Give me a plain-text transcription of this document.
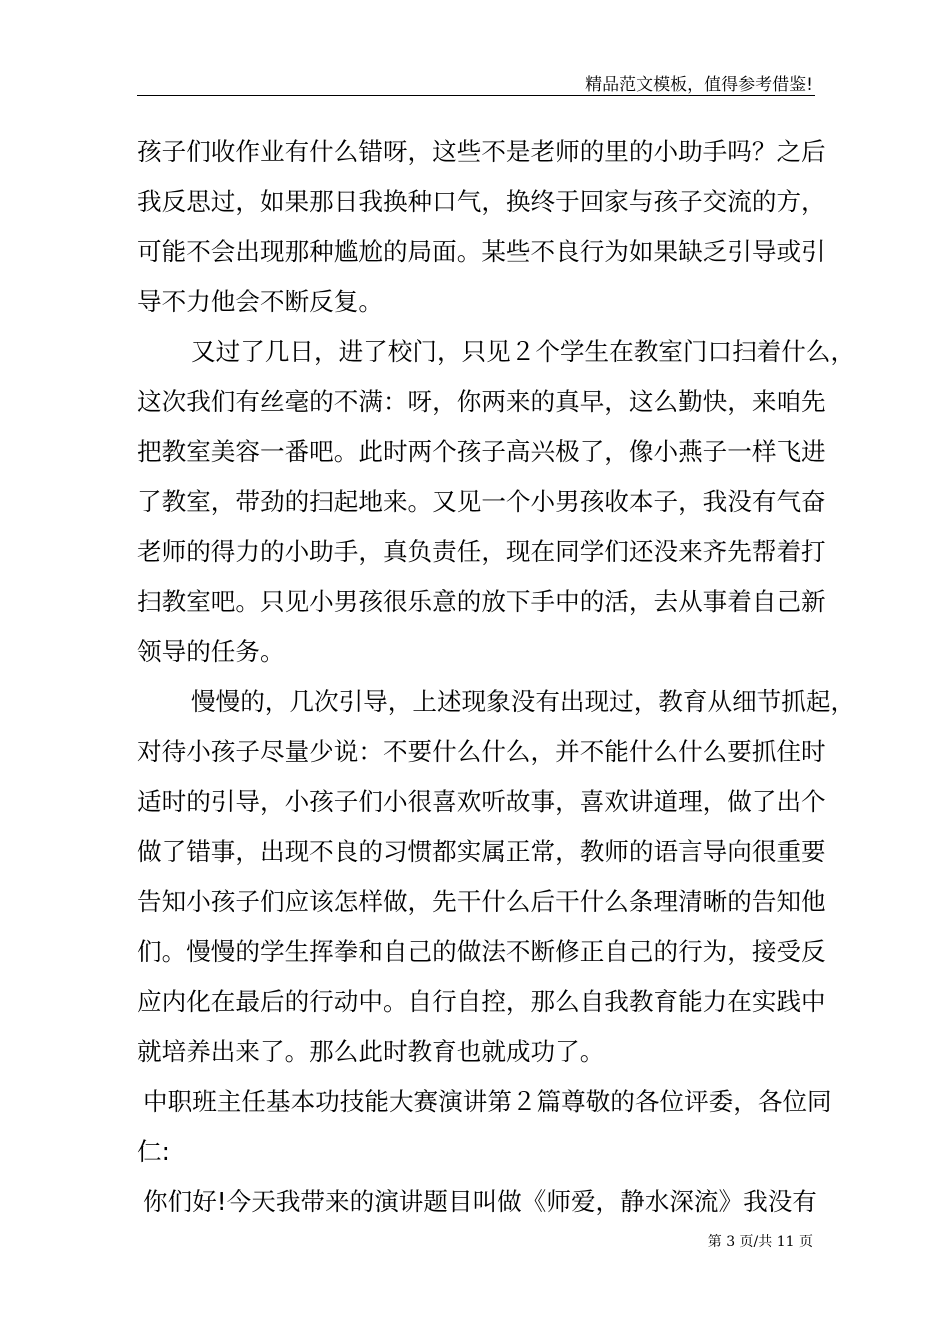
精品范文模板，值得参考借鉴!
孩子们收作业有什么错呀，这些不是老师的里的小助手吗？之后
我反思过，如果那日我换种口气，换终于回家与孩子交流的方，
可能不会出现那种尴尬的局面。某些不良行为如果缺乏引导或引
导不力他会不断反复。
又过了几日，进了校门，只见２个学生在教室门口扫着什么，
这次我们有丝毫的不满：呀，你两来的真早，这么勤快，来咱先
把教室美容一番吧。此时两个孩子高兴极了，像小燕子一样飞进
了教室，带劲的扫起地来。又见一个小男孩收本子，我没有气奋
老师的得力的小助手，真负责任，现在同学们还没来齐先帮着打
扫教室吧。只见小男孩很乐意的放下手中的活，去从事着自己新
领导的任务。
慢慢的，几次引导，上述现象没有出现过，教育从细节抓起，
对待小孩子尽量少说：不要什么什么，并不能什么什么要抓住时
适时的引导，小孩子们小很喜欢听故事，喜欢讲道理，做了出个
做了错事，出现不良的习惯都实属正常，教师的语言导向很重要
告知小孩子们应该怎样做，先干什么后干什么条理清晰的告知他
们。慢慢的学生挥拳和自己的做法不断修正自己的行为，接受反
应内化在最后的行动中。自行自控，那么自我教育能力在实践中
就培养出来了。那么此时教育也就成功了。
中职班主任基本功技能大赛演讲第２篇尊敬的各位评委，各位同
仁:
你们好!今天我带来的演讲题目叫做《师爱，静水深流》我没有
第 3 页/共 11 页
